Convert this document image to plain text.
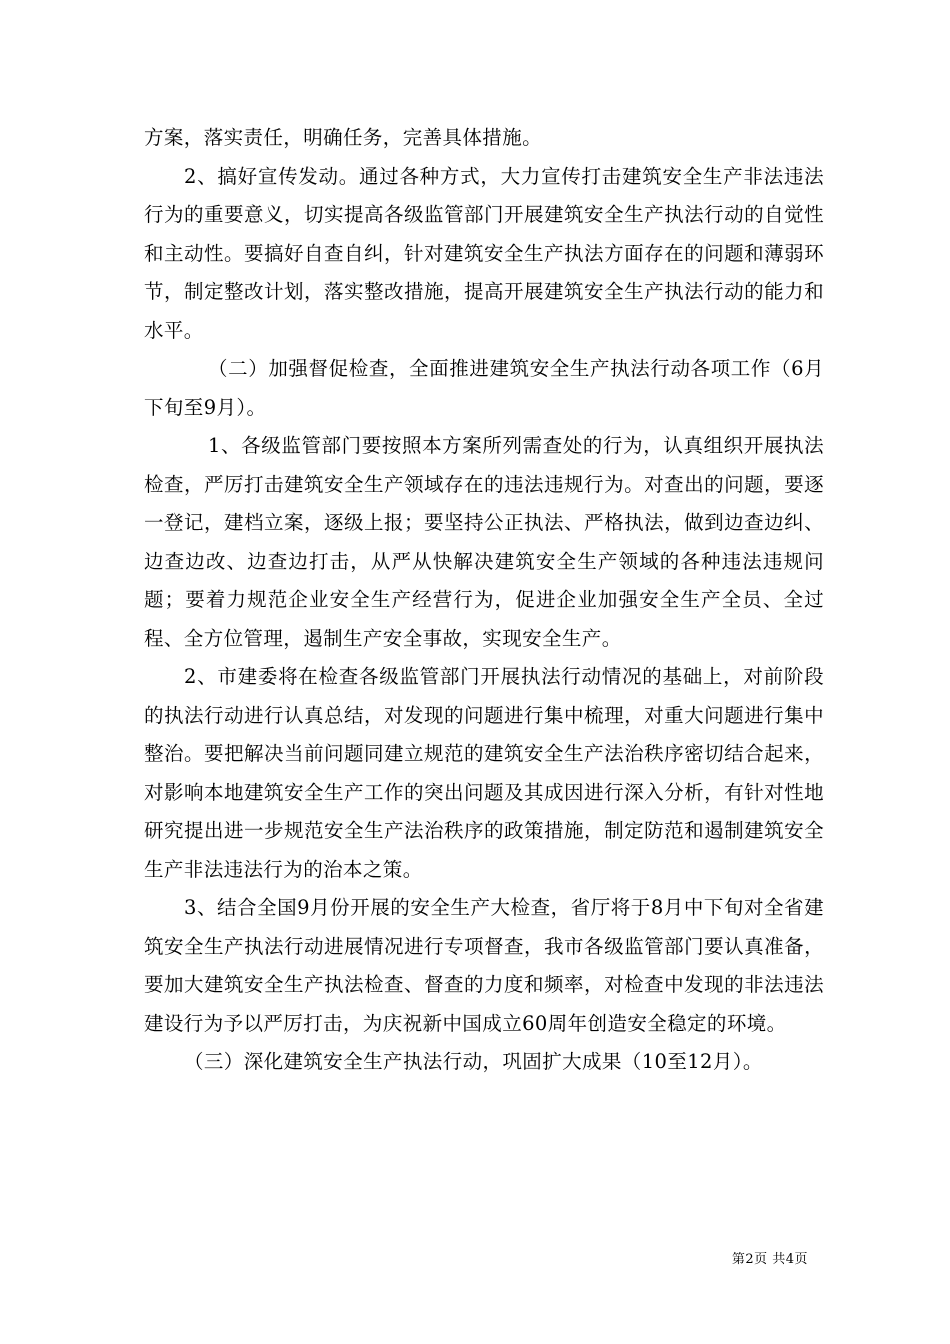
方案，落实责任，明确任务，完善具体措施。

2、搞好宣传发动。通过各种方式，大力宣传打击建筑安全生产非法违法行为的重要意义，切实提高各级监管部门开展建筑安全生产执法行动的自觉性和主动性。要搞好自查自纠，针对建筑安全生产执法方面存在的问题和薄弱环节，制定整改计划，落实整改措施，提高开展建筑安全生产执法行动的能力和水平。

（二）加强督促检查，全面推进建筑安全生产执法行动各项工作（6月下旬至9月）。

1、各级监管部门要按照本方案所列需查处的行为，认真组织开展执法检查，严厉打击建筑安全生产领域存在的违法违规行为。对查出的问题，要逐一登记，建档立案，逐级上报；要坚持公正执法、严格执法，做到边查边纠、边查边改、边查边打击，从严从快解决建筑安全生产领域的各种违法违规问题；要着力规范企业安全生产经营行为，促进企业加强安全生产全员、全过程、全方位管理，遏制生产安全事故，实现安全生产。

2、市建委将在检查各级监管部门开展执法行动情况的基础上，对前阶段的执法行动进行认真总结，对发现的问题进行集中梳理，对重大问题进行集中整治。要把解决当前问题同建立规范的建筑安全生产法治秩序密切结合起来，对影响本地建筑安全生产工作的突出问题及其成因进行深入分析，有针对性地研究提出进一步规范安全生产法治秩序的政策措施，制定防范和遏制建筑安全生产非法违法行为的治本之策。

3、结合全国9月份开展的安全生产大检查，省厅将于8月中下旬对全省建筑安全生产执法行动进展情况进行专项督查，我市各级监管部门要认真准备，要加大建筑安全生产执法检查、督查的力度和频率，对检查中发现的非法违法建设行为予以严厉打击，为庆祝新中国成立60周年创造安全稳定的环境。

（三）深化建筑安全生产执法行动，巩固扩大成果（10至12月）。

第2页 共4页
